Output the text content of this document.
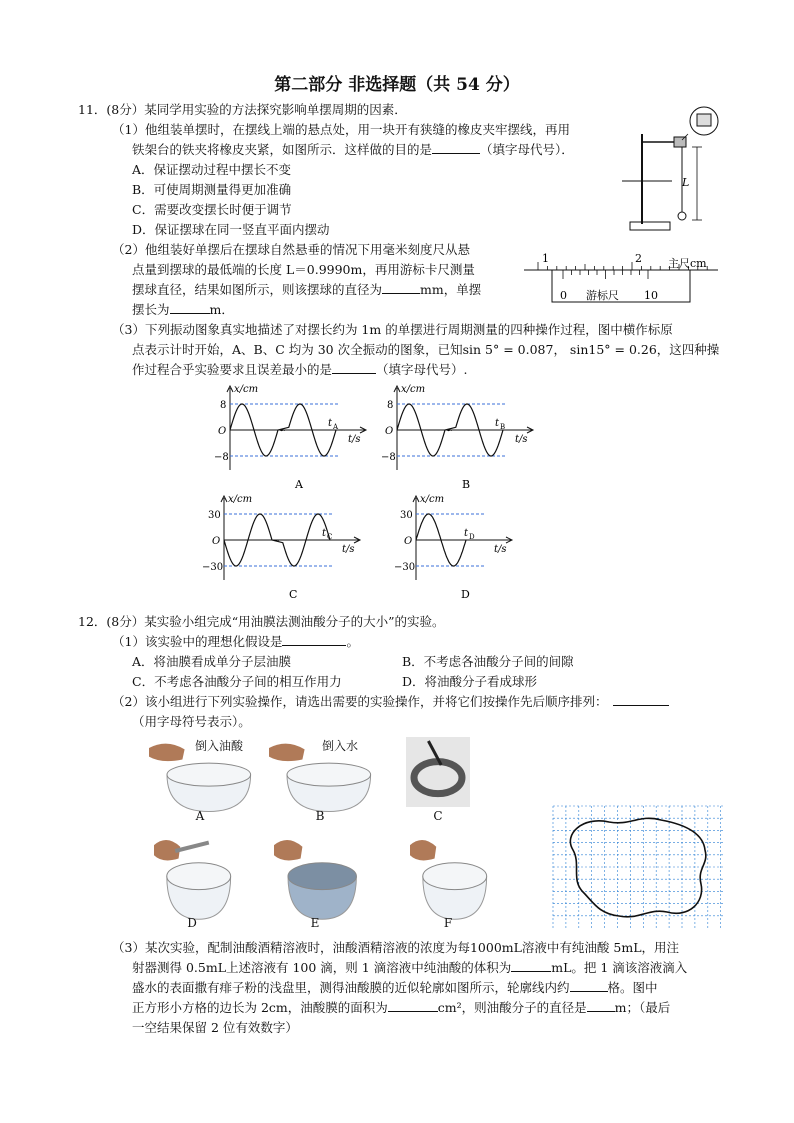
第二部分 非选择题（共 54 分）
11．(8分）某同学用实验的方法探究影响单摆周期的因素．
（1）他组装单摆时，在摆线上端的悬点处，用一块开有狭缝的橡皮夹牢摆线，再用
铁架台的铁夹将橡皮夹紧，如图所示．这样做的目的是	（填字母代号）．
A．保证摆动过程中摆长不变
B．可使周期测量得更加准确
C．需要改变摆长时便于调节
D．保证摆球在同一竖直平面内摆动
（2）他组装好单摆后在摆球自然悬垂的情况下用毫米刻度尺从悬
点量到摆球的最低端的长度 L＝0.9990m，再用游标卡尺测量
摆球直径，结果如图所示，则该摆球的直径为	mm，单摆
摆长为	m．
（3）下列振动图象真实地描述了对摆长约为 1m 的单摆进行周期测量的四种操作过程，图中横作标原
点表示计时开始，A、B、C 均为 30 次全振动的图象，已知sin 5° = 0.087， sin15° = 0.26，这四种操
作过程合乎实验要求且误差最小的是	（填字母代号）.
L
1	2 主尺cm
0 游标尺 10
∽
x/cm
8
−8
O
t A
t/s
A
∽
x/cm
8
−8
O
t B
t/s
B
∽
x/cm
30
−30
O
t C
t/s
C
x/cm
30
−30
O
t D
t/s
D
12．(8分）某实验小组完成“用油膜法测油酸分子的大小”的实验。
（1）该实验中的理想化假设是	。
A．将油膜看成单分子层油膜	B．不考虑各油酸分子间的间隙
C．不考虑各油酸分子间的相互作用力	D．将油酸分子看成球形
（2）该小组进行下列实验操作，请选出需要的实验操作，并将它们按操作先后顺序排列：
（用字母符号表示）。
倒入油酸
A
倒入水
B	C
D	E	F
（3）某次实验，配制油酸酒精溶液时，油酸酒精溶液的浓度为每1000mL溶液中有纯油酸 5mL，用注
射器测得 0.5mL上述溶液有 100 滴，则 1 滴溶液中纯油酸的体积为	mL。把 1 滴该溶液滴入
盛水的表面撒有痱子粉的浅盘里，测得油酸膜的近似轮廓如图所示，轮廓线内约	格。图中
正方形小方格的边长为 2cm，油酸膜的面积为	cm²，则油酸分子的直径是 m；（最后
一空结果保留 2 位有效数字）
